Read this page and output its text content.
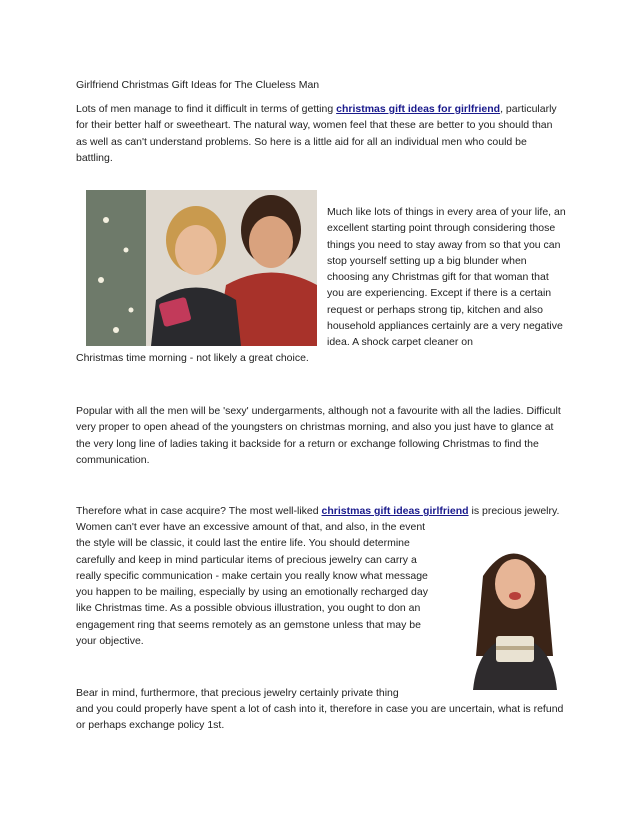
Girlfriend Christmas Gift Ideas for The Clueless Man

Lots of men manage to find it difficult in terms of getting christmas gift ideas for girlfriend, particularly for their better half or sweetheart. The natural way, women feel that these are better to you should than as well as can't understand problems. So here is a little aid for all an individual men who could be battling.

Much like lots of things in every area of your life, an excellent starting point through considering those things you need to stay away from so that you can stop yourself setting up a big blunder when choosing any Christmas gift for that woman that you are experiencing. Except if there is a certain request or perhaps strong tip, kitchen and also household appliances certainly are a very negative idea. A shock carpet cleaner on

Christmas time morning - not likely a great choice.

Popular with all the men will be 'sexy' undergarments, although not a favourite with all the ladies. Difficult very proper to open ahead of the youngsters on christmas morning, and also you just have to glance at the very long line of ladies taking it backside for a return or exchange following Christmas to find the communication.

Therefore what in case acquire? The most well-liked christmas gift ideas girlfriend is precious jewelry.

Women can't ever have an excessive amount of that, and also, in the event the style will be classic, it could last the entire life. You should determine carefully and keep in mind particular items of precious jewelry can carry a really specific communication - make certain you really know what message you happen to be mailing, especially by using an emotionally recharged day like Christmas time. As a possible obvious illustration, you ought to don an engagement ring that seems remotely as an gemstone unless that may be your objective.

Bear in mind, furthermore, that precious jewelry certainly private thing

and you could properly have spent a lot of cash into it, therefore in case you are uncertain, what is refund or perhaps exchange policy 1st.
